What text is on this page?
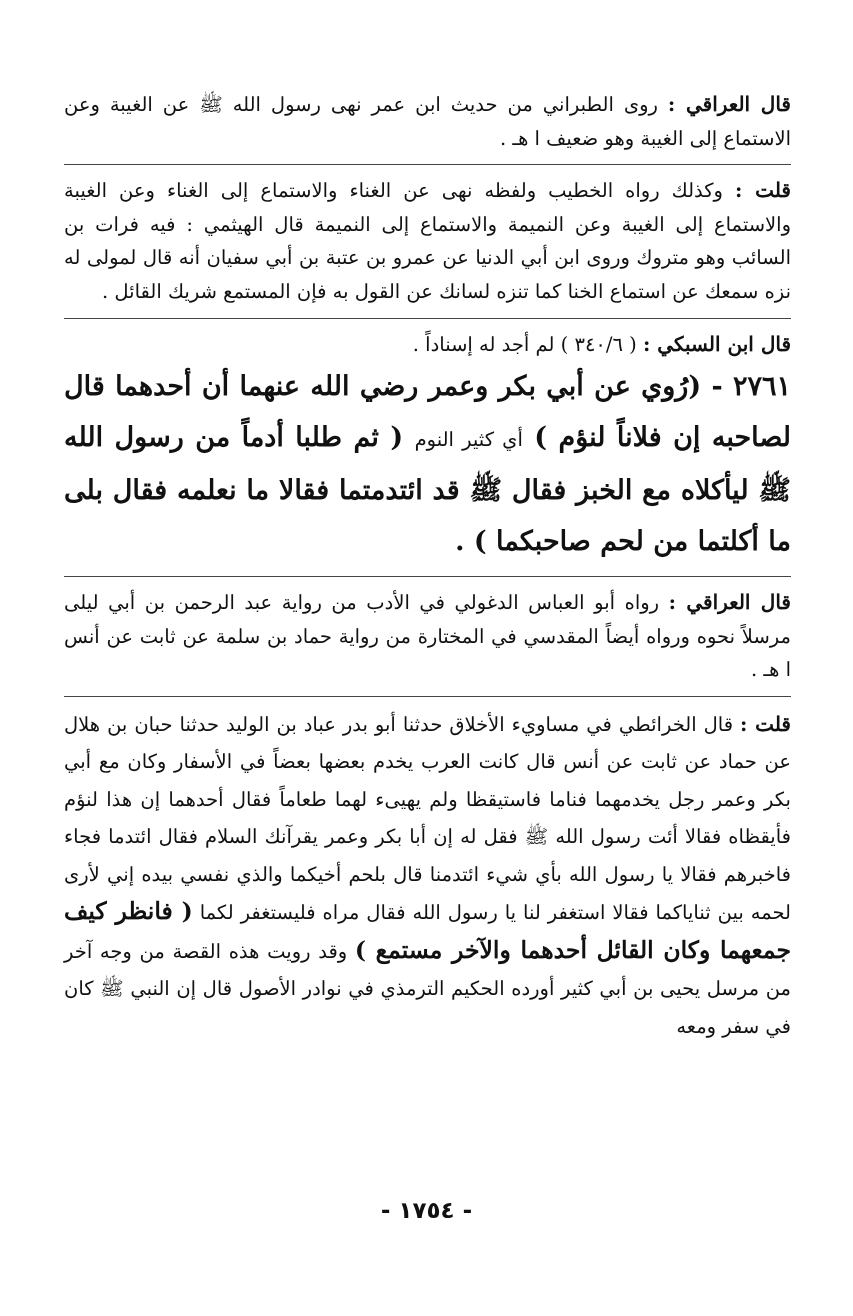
قال العراقي : روى الطبراني من حديث ابن عمر نهى رسول الله ﷺ عن الغيبة وعن الاستماع إلى الغيبة وهو ضعيف ا هـ .

قلت : وكذلك رواه الخطيب ولفظه نهى عن الغناء والاستماع إلى الغناء وعن الغيبة والاستماع إلى الغيبة وعن النميمة والاستماع إلى النميمة قال الهيثمي : فيه فرات بن السائب وهو متروك وروى ابن أبي الدنيا عن عمرو بن عتبة بن أبي سفيان أنه قال لمولى له نزه سمعك عن استماع الخنا كما تنزه لسانك عن القول به فإن المستمع شريك القائل .

قال ابن السبكي : ( ٣٤٠/٦ ) لم أجد له إسناداً .

٢٧٦١ - (رُوي عن أبي بكر وعمر رضي الله عنهما أن أحدهما قال لصاحبه إن فلاناً لنؤم ) أي كثير النوم ( ثم طلبا أدماً من رسول الله ﷺ ليأكلاه مع الخبز فقال ﷺ قد ائتدمتما فقالا ما نعلمه فقال بلى ما أكلتما من لحم صاحبكما ) .

قال العراقي : رواه أبو العباس الدغولي في الأدب من رواية عبد الرحمن بن أبي ليلى مرسلاً نحوه ورواه أيضاً المقدسي في المختارة من رواية حماد بن سلمة عن ثابت عن أنس ا هـ .

قلت : قال الخرائطي في مساويء الأخلاق حدثنا أبو بدر عباد بن الوليد حدثنا حبان بن هلال عن حماد عن ثابت عن أنس قال كانت العرب يخدم بعضها بعضاً في الأسفار وكان مع أبي بكر وعمر رجل يخدمهما فناما فاستيقظا ولم يهيىء لهما طعاماً فقال أحدهما إن هذا لنؤم فأيقظاه فقالا أئت رسول الله ﷺ فقل له إن أبا بكر وعمر يقرآنك السلام فقال ائتدما فجاء فاخبرهم فقالا يا رسول الله بأي شيء ائتدمنا قال بلحم أخيكما والذي نفسي بيده إني لأرى لحمه بين ثناياكما فقالا استغفر لنا يا رسول الله فقال مراه فليستغفر لكما ( فانظر كيف جمعهما وكان القائل أحدهما والآخر مستمع ) وقد رويت هذه القصة من وجه آخر من مرسل يحيى بن أبي كثير أورده الحكيم الترمذي في نوادر الأصول قال إن النبي ﷺ كان في سفر ومعه

- ١٧٥٤ -
